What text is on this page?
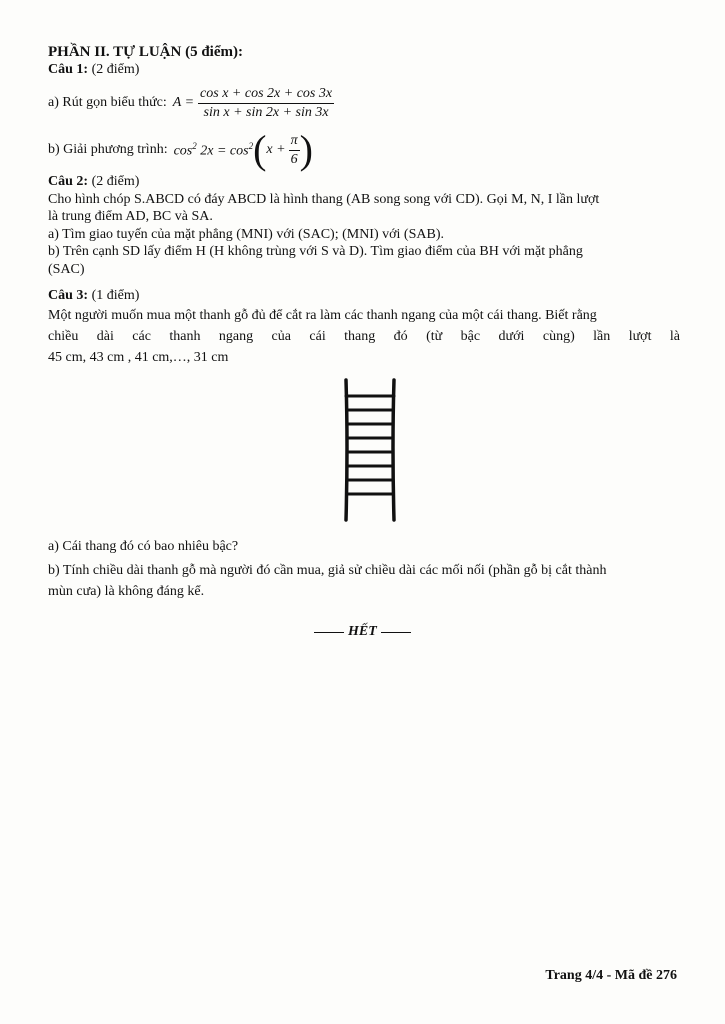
PHẦN II. TỰ LUẬN (5 điểm):
Câu 1: (2 điểm)
a) Rút gọn biểu thức: $A = \frac{\text{cos x + cos 2x + cos 3x}}{\text{sin x + sin 2x + sin 3x}}$
b) Giải phương trình: $\cos^2 2x = \cos^2$ ( $x + \frac{\pi}{6}$ )
Câu 2: (2 điểm)
Cho hình chóp S.ABCD có đáy ABCD là hình thang (AB song song với CD). Gọi M, N, I lần lượt
là trung điểm AD, BC và SA.
a) Tìm giao tuyến của mặt phẳng (MNI) với (SAC); (MNI) với (SAB).
b) Trên cạnh SD lấy điểm H (H không trùng với S và D). Tìm giao điểm của BH với mặt phẳng
(SAC)
Câu 3: (1 điểm)
Một người muốn mua một thanh gỗ đủ để cắt ra làm các thanh ngang của một cái thang. Biết rằng
chiều dài các thanh ngang của cái thang đó (từ bậc dưới cùng) lần lượt là
45 cm, 43 cm , 41 cm,…, 31 cm
a) Cái thang đó có bao nhiêu bậc?
b) Tính chiều dài thanh gỗ mà người đó cần mua, giả sử chiều dài các mối nối (phần gỗ bị cắt thành
mùn cưa) là không đáng kể.
HẾT
Trang 4/4 - Mã đề 276
